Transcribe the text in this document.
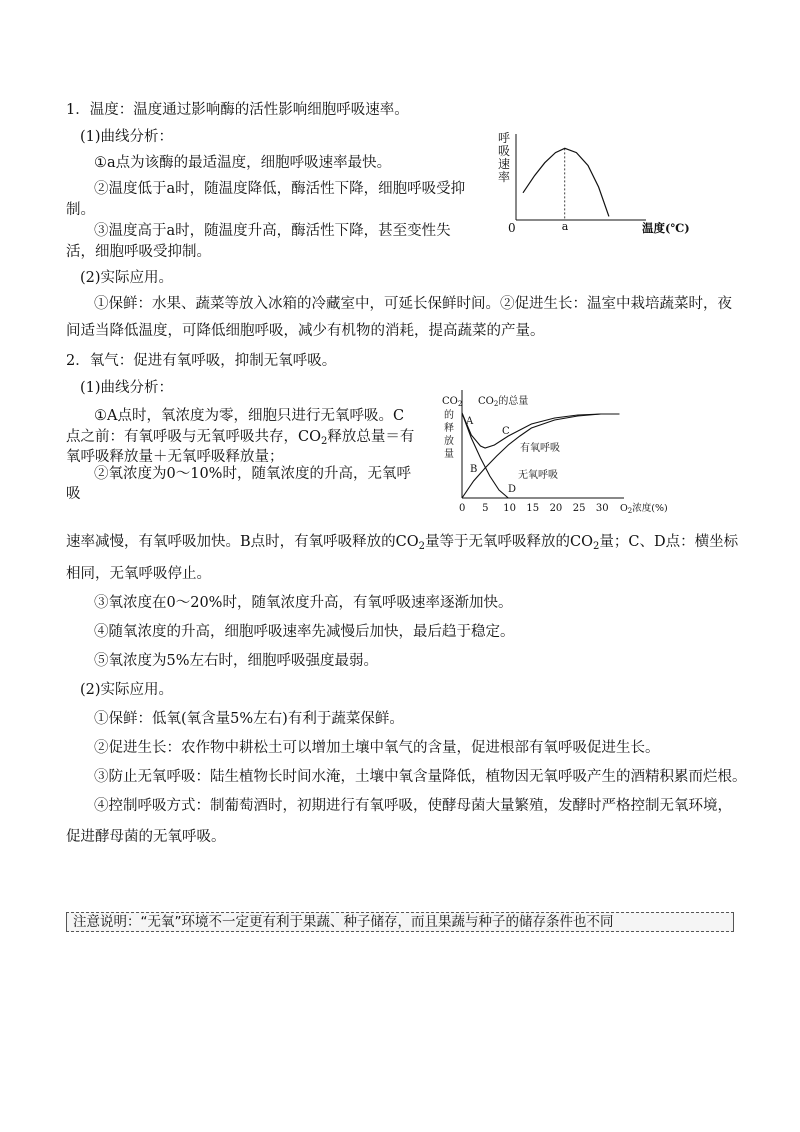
1．温度：温度通过影响酶的活性影响细胞呼吸速率。
(1)曲线分析：
①a点为该酶的最适温度，细胞呼吸速率最快。
②温度低于a时，随温度降低，酶活性下降，细胞呼吸受抑
制。
③温度高于a时，随温度升高，酶活性下降，甚至变性失
活，细胞呼吸受抑制。
(2)实际应用。
①保鲜：水果、蔬菜等放入冰箱的冷藏室中，可延长保鲜时间。②促进生长：温室中栽培蔬菜时，夜
间适当降低温度，可降低细胞呼吸，减少有机物的消耗，提高蔬菜的产量。
呼吸速率
0	a	温度(℃)
2．氧气：促进有氧呼吸，抑制无氧呼吸。
(1)曲线分析：
①A点时，氧浓度为零，细胞只进行无氧呼吸。C
点之前：有氧呼吸与无氧呼吸共存，$CO_2$释放总量＝有
氧呼吸释放量＋无氧呼吸释放量；
②氧浓度为0～10%时，随氧浓度的升高，无氧呼
吸
速率减慢，有氧呼吸加快。B点时，有氧呼吸释放的$CO_2$量等于无氧呼吸释放的$CO_2$量；C、D点：横坐标
相同，无氧呼吸停止。
③氧浓度在0～20%时，随氧浓度升高，有氧呼吸速率逐渐加快。
④随氧浓度的升高，细胞呼吸速率先减慢后加快，最后趋于稳定。
⑤氧浓度为5%左右时，细胞呼吸强度最弱。
(2)实际应用。
①保鲜：低氧(氧含量5%左右)有利于蔬菜保鲜。
②促进生长：农作物中耕松土可以增加土壤中氧气的含量，促进根部有氧呼吸促进生长。
③防止无氧呼吸：陆生植物长时间水淹，土壤中氧含量降低，植物因无氧呼吸产生的酒精积累而烂根。
④控制呼吸方式：制葡萄酒时，初期进行有氧呼吸，使酵母菌大量繁殖，发酵时严格控制无氧环境，
促进酵母菌的无氧呼吸。
$CO_2$
的释放量
0 5 10 15 20 25 30 $O_2$浓度(%)
$CO_2$的总量
有氧呼吸
无氧呼吸
A
B
C
D
注意说明：“无氧”环境不一定更有利于果蔬、种子储存，而且果蔬与种子的储存条件也不同
